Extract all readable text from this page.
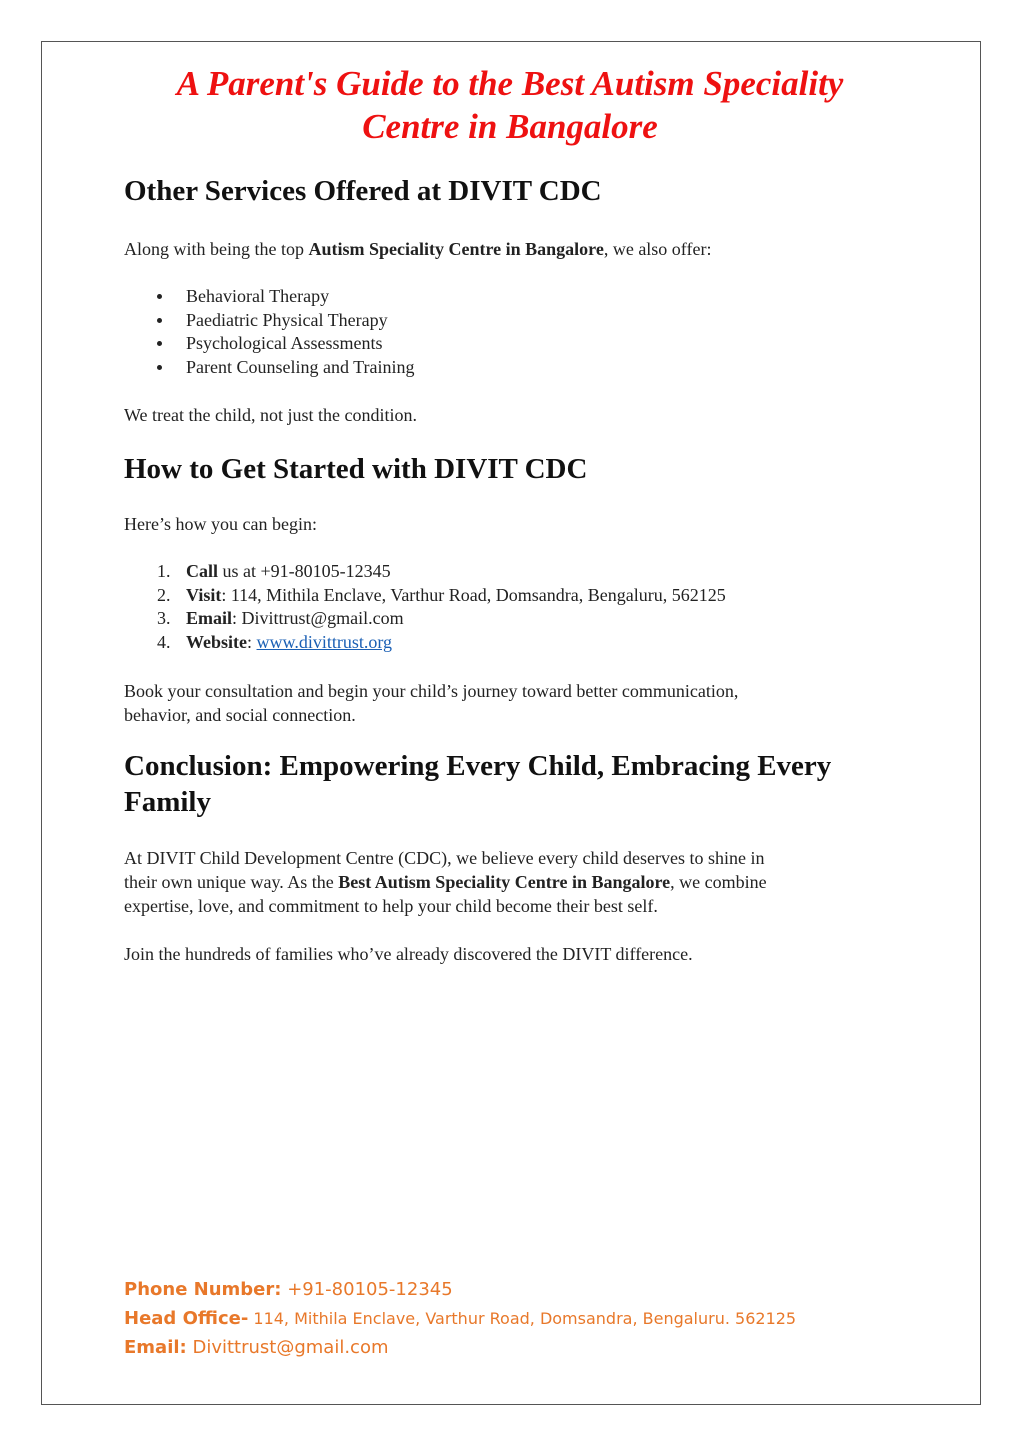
A Parent's Guide to the Best Autism Speciality
Centre in Bangalore
Other Services Offered at DIVIT CDC

Along with being the top Autism Speciality Centre in Bangalore, we also offer:

Behavioral Therapy
Paediatric Physical Therapy
Psychological Assessments
Parent Counseling and Training

We treat the child, not just the condition.

How to Get Started with DIVIT CDC

Here’s how you can begin:

1. Call us at +91-80105-12345
2. Visit: 114, Mithila Enclave, Varthur Road, Domsandra, Bengaluru, 562125
3. Email: Divittrust@gmail.com
4. Website: www.divittrust.org

Book your consultation and begin your child’s journey toward better communication,
behavior, and social connection.

Conclusion: Empowering Every Child, Embracing Every
Family

At DIVIT Child Development Centre (CDC), we believe every child deserves to shine in
their own unique way. As the Best Autism Speciality Centre in Bangalore, we combine
expertise, love, and commitment to help your child become their best self.

Join the hundreds of families who’ve already discovered the DIVIT difference.

Phone Number: +91-80105-12345
Head Office- 114, Mithila Enclave, Varthur Road, Domsandra, Bengaluru. 562125
Email: Divittrust@gmail.com
